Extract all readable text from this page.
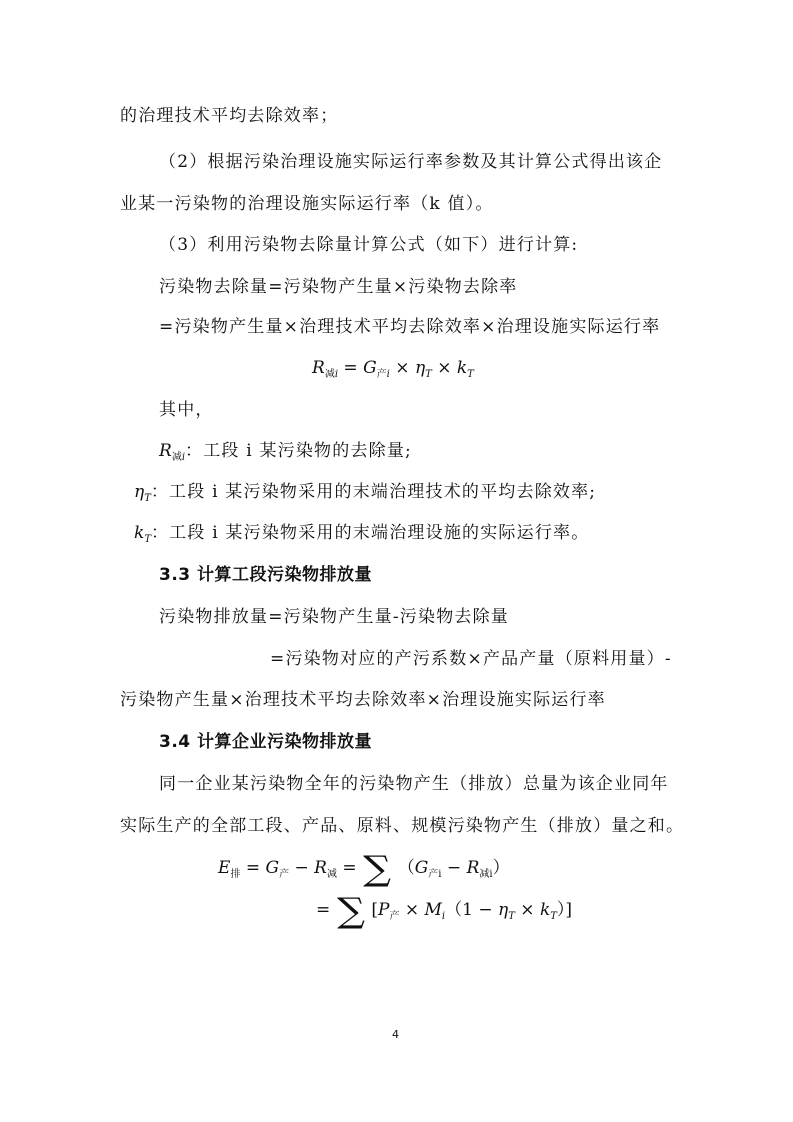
的治理技术平均去除效率；
（2）根据污染治理设施实际运行率参数及其计算公式得出该企
业某一污染物的治理设施实际运行率（k 值）。
（3）利用污染物去除量计算公式（如下）进行计算:
污染物去除量=污染物产生量×污染物去除率
=污染物产生量×治理技术平均去除效率×治理设施实际运行率
$R_{减i} = G_{产i} \times \eta_T \times k_T$
其中，
$R_{减i}$：工段 i 某污染物的去除量;
$\eta_T$：工段 i 某污染物采用的末端治理技术的平均去除效率;
$k_T$：工段 i 某污染物采用的末端治理设施的实际运行率。
3.3 计算工段污染物排放量
污染物排放量=污染物产生量-污染物去除量
=污染物对应的产污系数×产品产量（原料用量）-
污染物产生量×治理技术平均去除效率×治理设施实际运行率
3.4 计算企业污染物排放量
同一企业某污染物全年的污染物产生（排放）总量为该企业同年
实际生产的全部工段、产品、原料、规模污染物产生（排放）量之和。
$E_排 = G_产 - R_减$ = ∑ $(G_{产i} - R_{减i})$
= ∑ $[P_产 \times M_i(1 - \eta_T \times k_T)]$
4
